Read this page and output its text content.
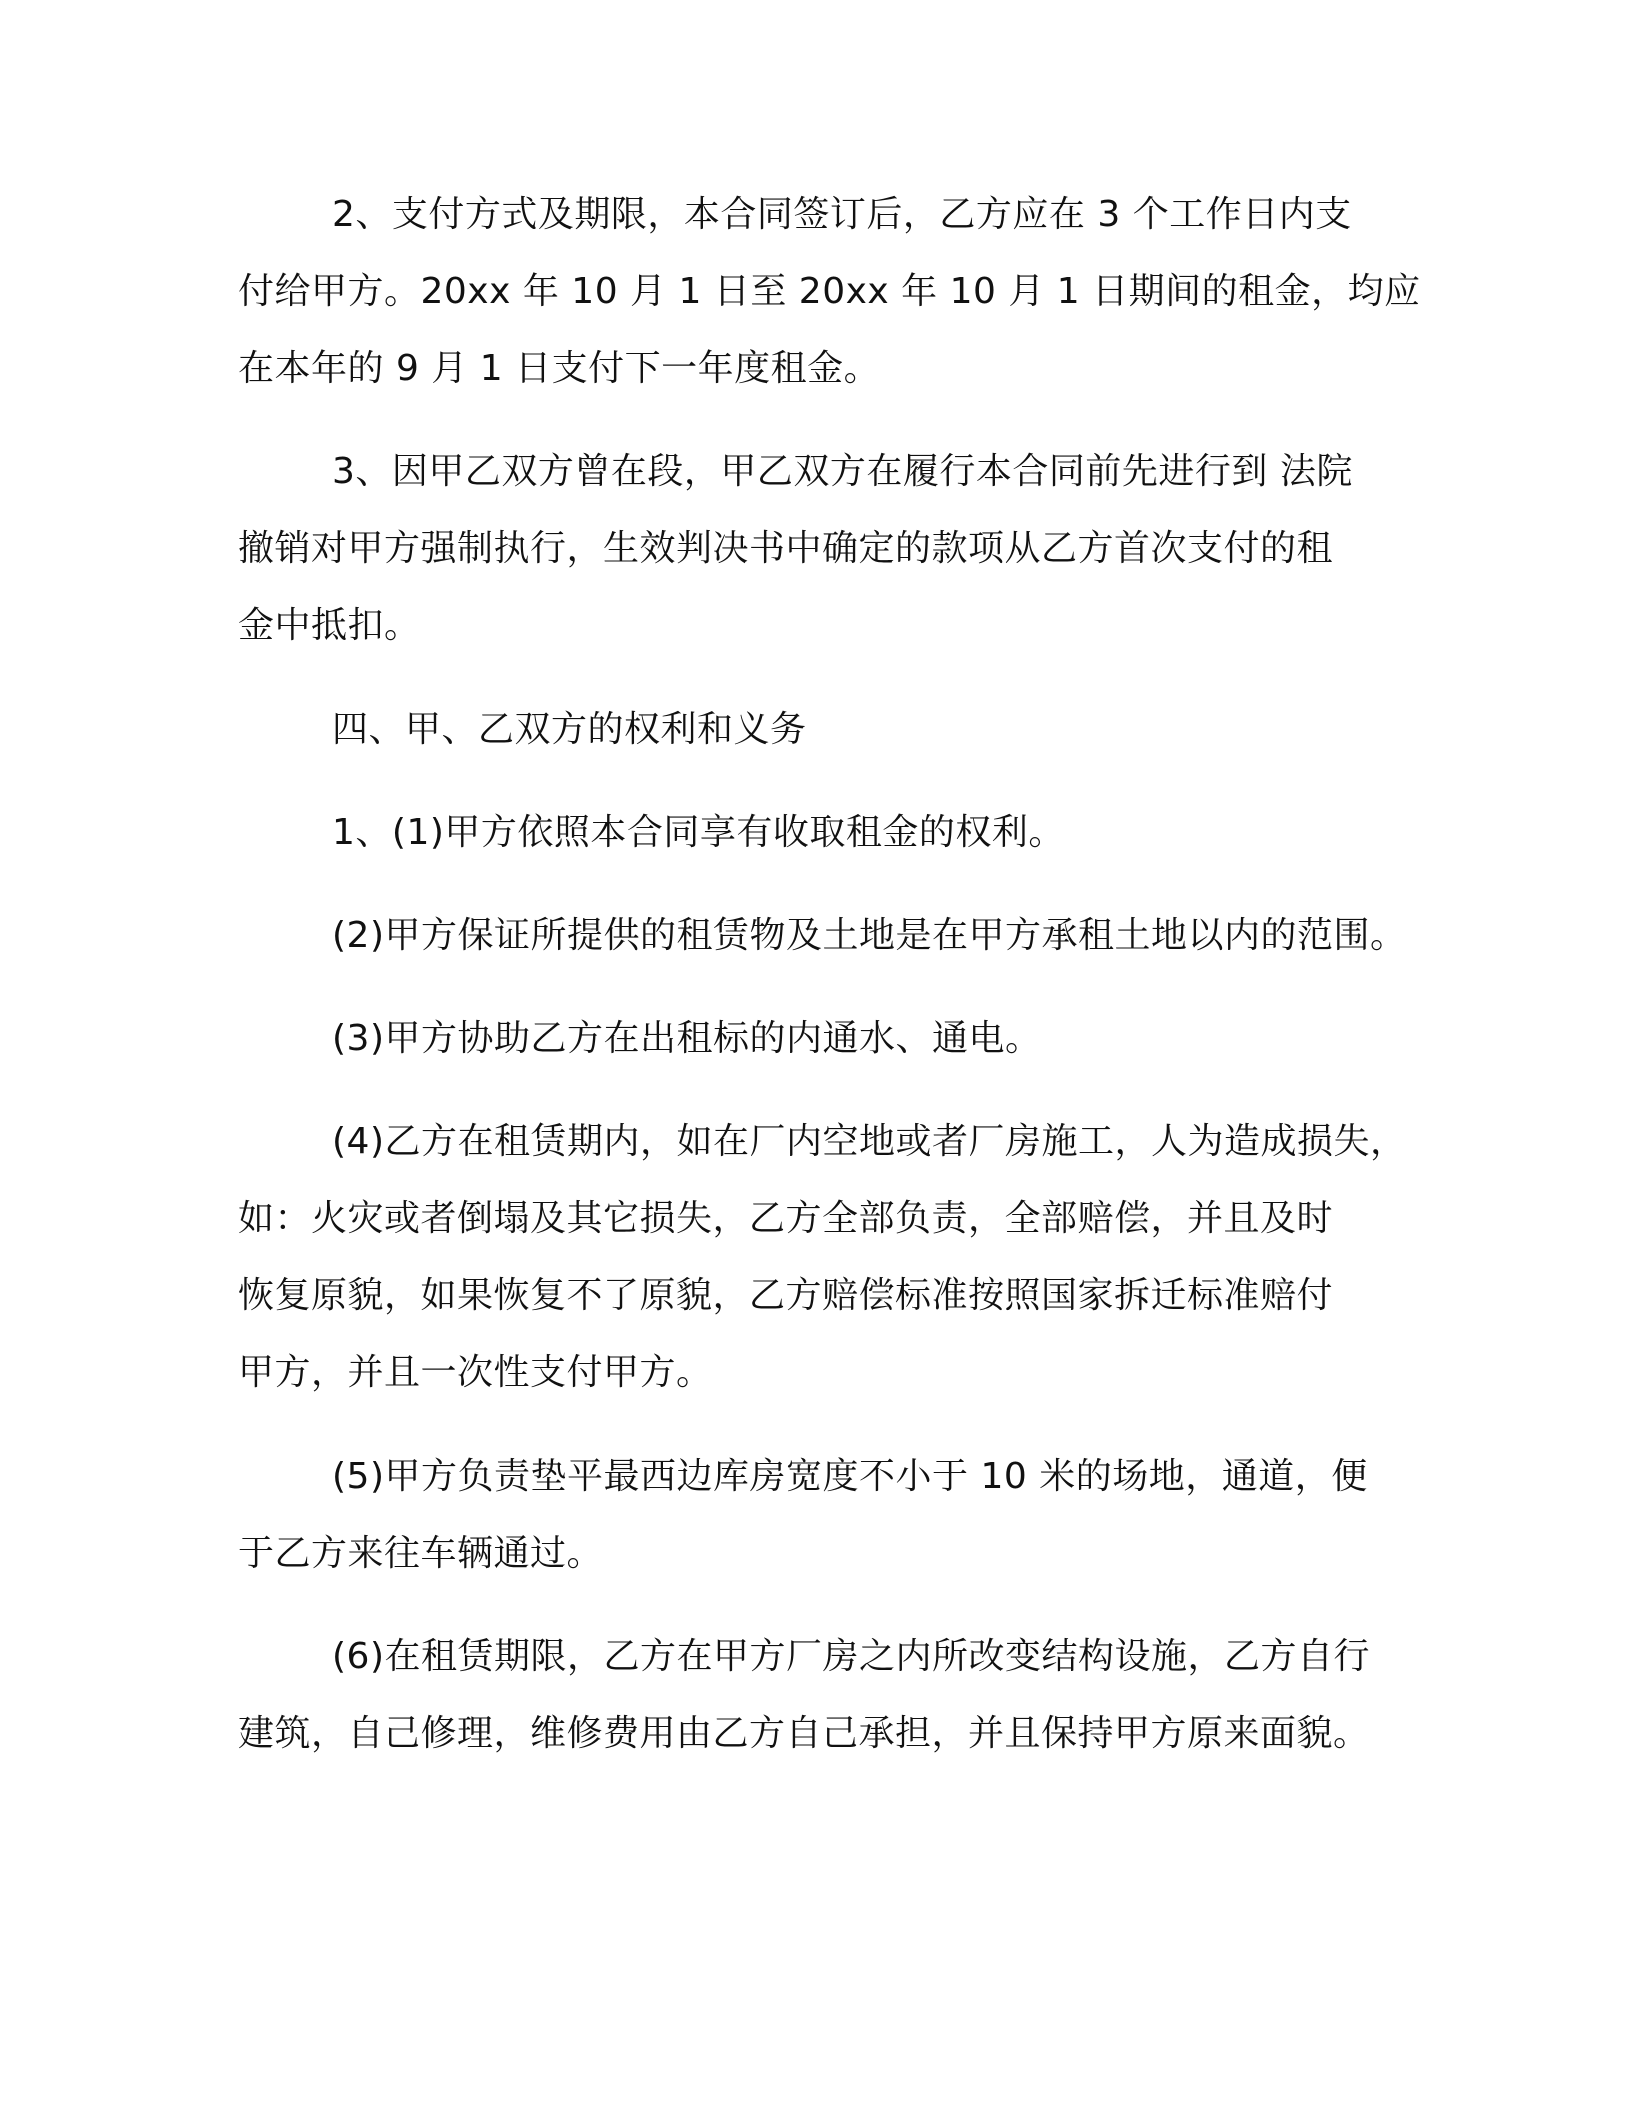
2、支付方式及期限，本合同签订后，乙方应在 3 个工作日内支
付给甲方。20xx 年 10 月 1 日至 20xx 年 10 月 1 日期间的租金，均应
在本年的 9 月 1 日支付下一年度租金。
3、因甲乙双方曾在段，甲乙双方在履行本合同前先进行到 法院
撤销对甲方强制执行，生效判决书中确定的款项从乙方首次支付的租
金中抵扣。
四、甲、乙双方的权利和义务
1、(1)甲方依照本合同享有收取租金的权利。
(2)甲方保证所提供的租赁物及土地是在甲方承租土地以内的范围。
(3)甲方协助乙方在出租标的内通水、通电。
(4)乙方在租赁期内，如在厂内空地或者厂房施工，人为造成损失，
如：火灾或者倒塌及其它损失，乙方全部负责，全部赔偿，并且及时
恢复原貌，如果恢复不了原貌，乙方赔偿标准按照国家拆迁标准赔付
甲方，并且一次性支付甲方。
(5)甲方负责垫平最西边库房宽度不小于 10 米的场地，通道，便
于乙方来往车辆通过。
(6)在租赁期限，乙方在甲方厂房之内所改变结构设施，乙方自行
建筑，自己修理，维修费用由乙方自己承担，并且保持甲方原来面貌。
